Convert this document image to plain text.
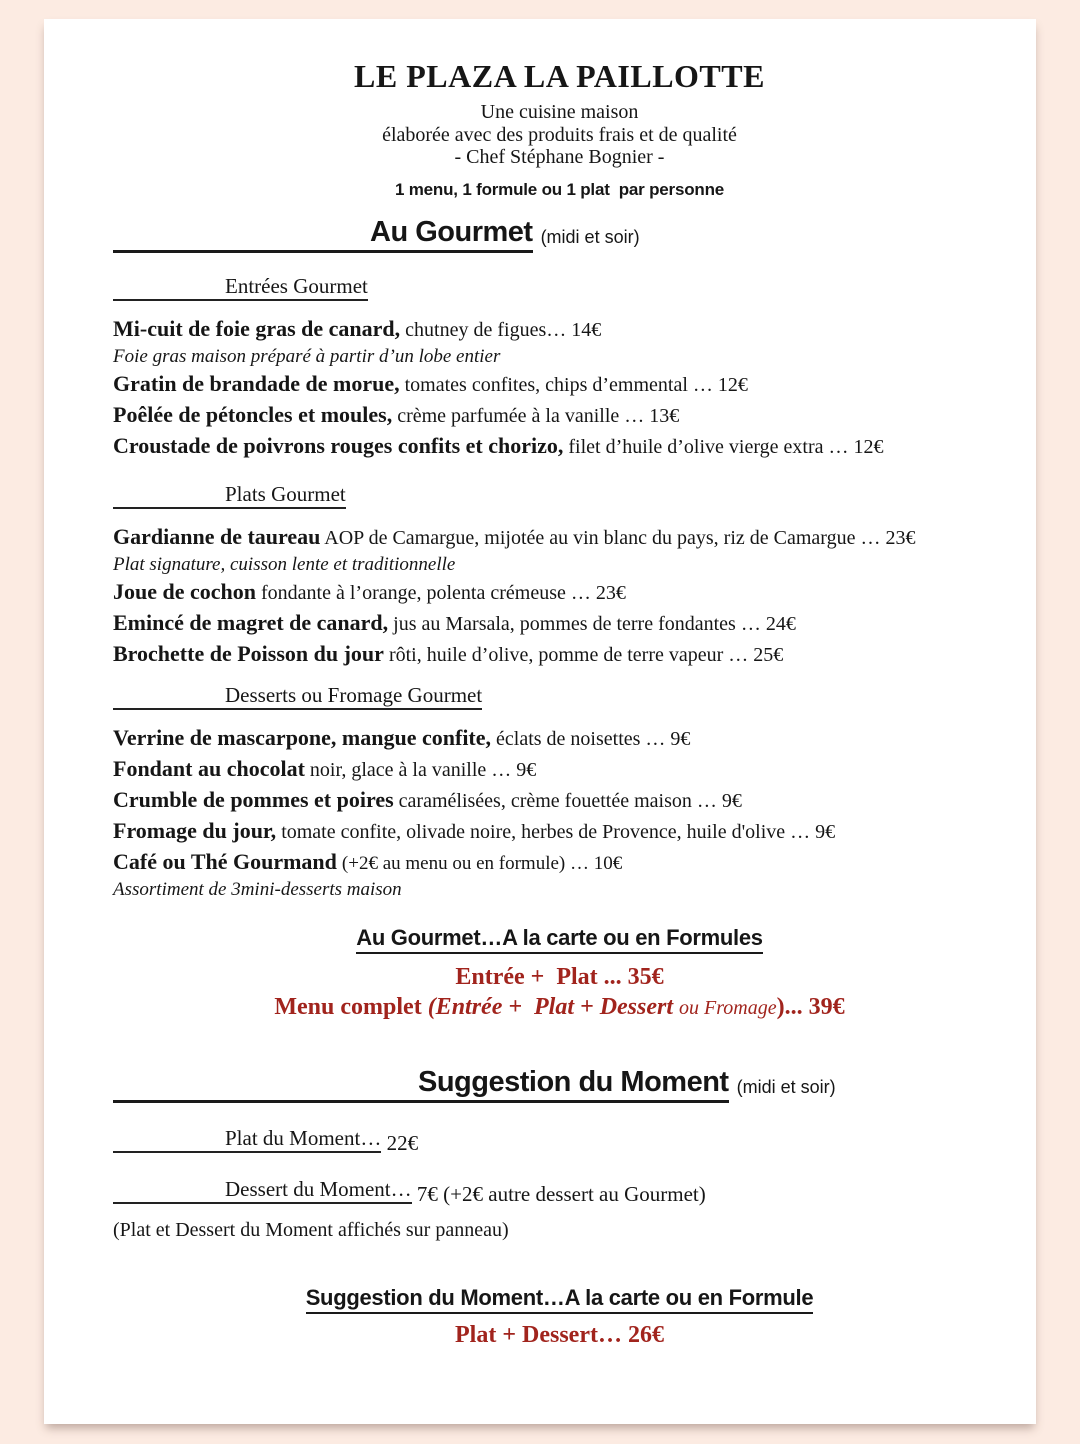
LE PLAZA LA PAILLOTTE
Une cuisine maison
élaborée avec des produits frais et de qualité
- Chef Stéphane Bognier -
1 menu, 1 formule ou 1 plat  par personne
Au Gourmet (midi et soir)
Entrées Gourmet
Mi-cuit de foie gras de canard, chutney de figues… 14€
Foie gras maison préparé à partir d’un lobe entier
Gratin de brandade de morue, tomates confites, chips d’emmental … 12€
Poêlée de pétoncles et moules, crème parfumée à la vanille … 13€
Croustade de poivrons rouges confits et chorizo, filet d’huile d’olive vierge extra … 12€
Plats Gourmet
Gardianne de taureau AOP de Camargue, mijotée au vin blanc du pays, riz de Camargue … 23€
Plat signature, cuisson lente et traditionnelle
Joue de cochon fondante à l’orange, polenta crémeuse … 23€
Emincé de magret de canard, jus au Marsala, pommes de terre fondantes … 24€
Brochette de Poisson du jour rôti, huile d’olive, pomme de terre vapeur … 25€
Desserts ou Fromage Gourmet
Verrine de mascarpone, mangue confite, éclats de noisettes … 9€
Fondant au chocolat noir, glace à la vanille … 9€
Crumble de pommes et poires caramélisées, crème fouettée maison … 9€
Fromage du jour, tomate confite, olivade noire, herbes de Provence, huile d'olive … 9€
Café ou Thé Gourmand (+2€ au menu ou en formule) … 10€
Assortiment de 3mini-desserts maison
Au Gourmet…A la carte ou en Formules
Entrée +  Plat ... 35€
Menu complet (Entrée +  Plat + Dessert ou Fromage)... 39€
Suggestion du Moment (midi et soir)
Plat du Moment… 22€
Dessert du Moment… 7€ (+2€ autre dessert au Gourmet)
(Plat et Dessert du Moment affichés sur panneau)
Suggestion du Moment…A la carte ou en Formule
Plat + Dessert… 26€
